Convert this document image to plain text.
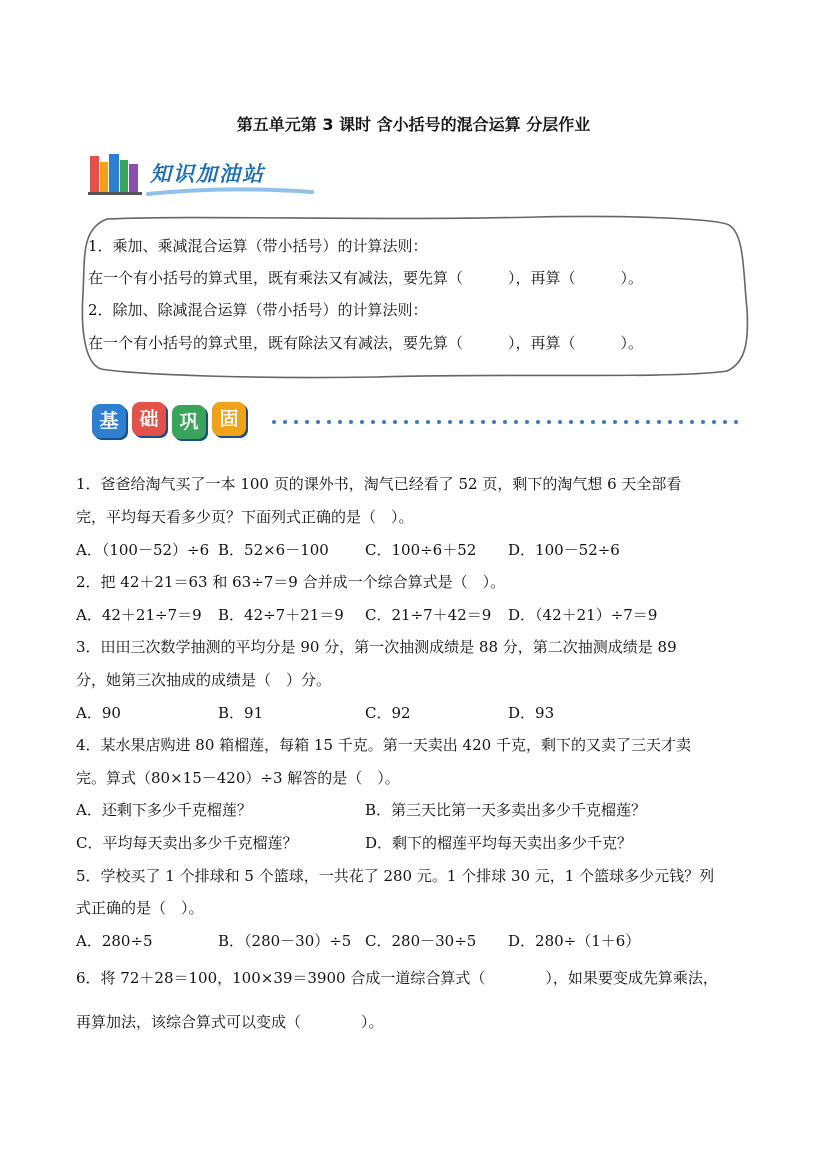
第五单元第 3 课时 含小括号的混合运算 分层作业
知识加油站
1．乘加、乘减混合运算（带小括号）的计算法则：
在一个有小括号的算式里，既有乘法又有减法，要先算（　　　），再算（　　　）。
2．除加、除减混合运算（带小括号）的计算法则：
在一个有小括号的算式里，既有除法又有减法，要先算（　　　），再算（　　　）。
基	础	巩	固
1．爸爸给淘气买了一本 100 页的课外书，淘气已经看了 52 页，剩下的淘气想 6 天全部看
完，平均每天看多少页？下面列式正确的是（　）。
A．（100－52）÷6 B．52×6－100 C．100÷6＋52 D．100－52÷6
2．把 42＋21＝63 和 63÷7＝9 合并成一个综合算式是（　）。
A．42＋21÷7＝9 B．42÷7＋21＝9 C．21÷7＋42＝9 D．（42＋21）÷7＝9
3．田田三次数学抽测的平均分是 90 分，第一次抽测成绩是 88 分，第二次抽测成绩是 89
分，她第三次抽成的成绩是（　）分。
A．90	B．91	C．92	D．93
4．某水果店购进 80 箱榴莲，每箱 15 千克。第一天卖出 420 千克，剩下的又卖了三天才卖
完。算式（80×15－420）÷3 解答的是（　）。
A．还剩下多少千克榴莲？	B．第三天比第一天多卖出多少千克榴莲？
C．平均每天卖出多少千克榴莲？	D．剩下的榴莲平均每天卖出多少千克？
5．学校买了 1 个排球和 5 个篮球，一共花了 280 元。1 个排球 30 元，1 个篮球多少元钱？列
式正确的是（　）。
A．280÷5	B．（280－30）÷5 C．280－30÷5 D．280÷（1＋6）
6．将 72＋28＝100，100×39＝3900 合成一道综合算式（　　　　），如果要变成先算乘法，
再算加法，该综合算式可以变成（　　　　）。
